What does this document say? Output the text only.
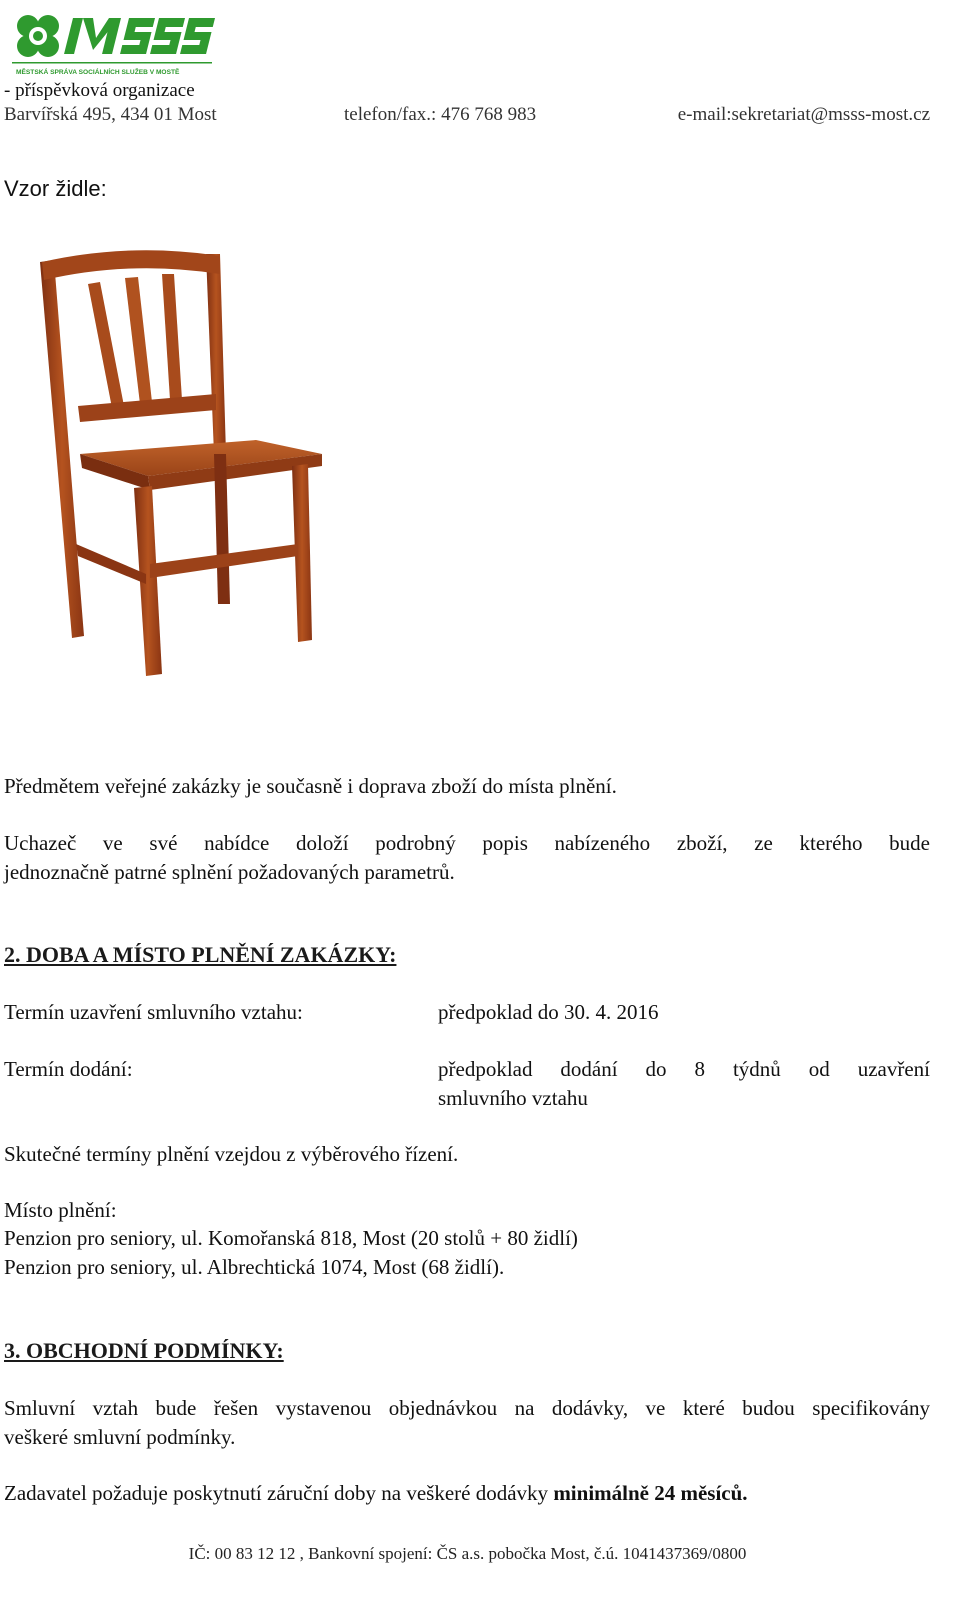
MĚSTSKÁ SPRÁVA SOCIÁLNÍCH SLUŽEB V MOSTĚ
- příspěvková organizace
Barvířská 495, 434 01 Most	telefon/fax.: 476 768 983	e-mail:sekretariat@msss-most.cz
Vzor židle:
Předmětem veřejné zakázky je současně i doprava zboží do místa plnění.
Uchazeč ve své nabídce doloží podrobný popis nabízeného zboží, ze kterého bude
jednoznačně patrné splnění požadovaných parametrů.
2. DOBA A MÍSTO PLNĚNÍ ZAKÁZKY:
Termín uzavření smluvního vztahu:	předpoklad do 30. 4. 2016
Termín dodání:	předpoklad dodání do 8 týdnů od uzavření
smluvního vztahu
Skutečné termíny plnění vzejdou z výběrového řízení.
Místo plnění:
Penzion pro seniory, ul. Komořanská 818, Most (20 stolů + 80 židlí)
Penzion pro seniory, ul. Albrechtická 1074, Most (68 židlí).
3. OBCHODNÍ PODMÍNKY:
Smluvní vztah bude řešen vystavenou objednávkou na dodávky, ve které budou specifikovány
veškeré smluvní podmínky.
Zadavatel požaduje poskytnutí záruční doby na veškeré dodávky minimálně 24 měsíců.
IČ: 00 83 12 12 , Bankovní spojení: ČS a.s. pobočka Most, č.ú. 1041437369/0800
